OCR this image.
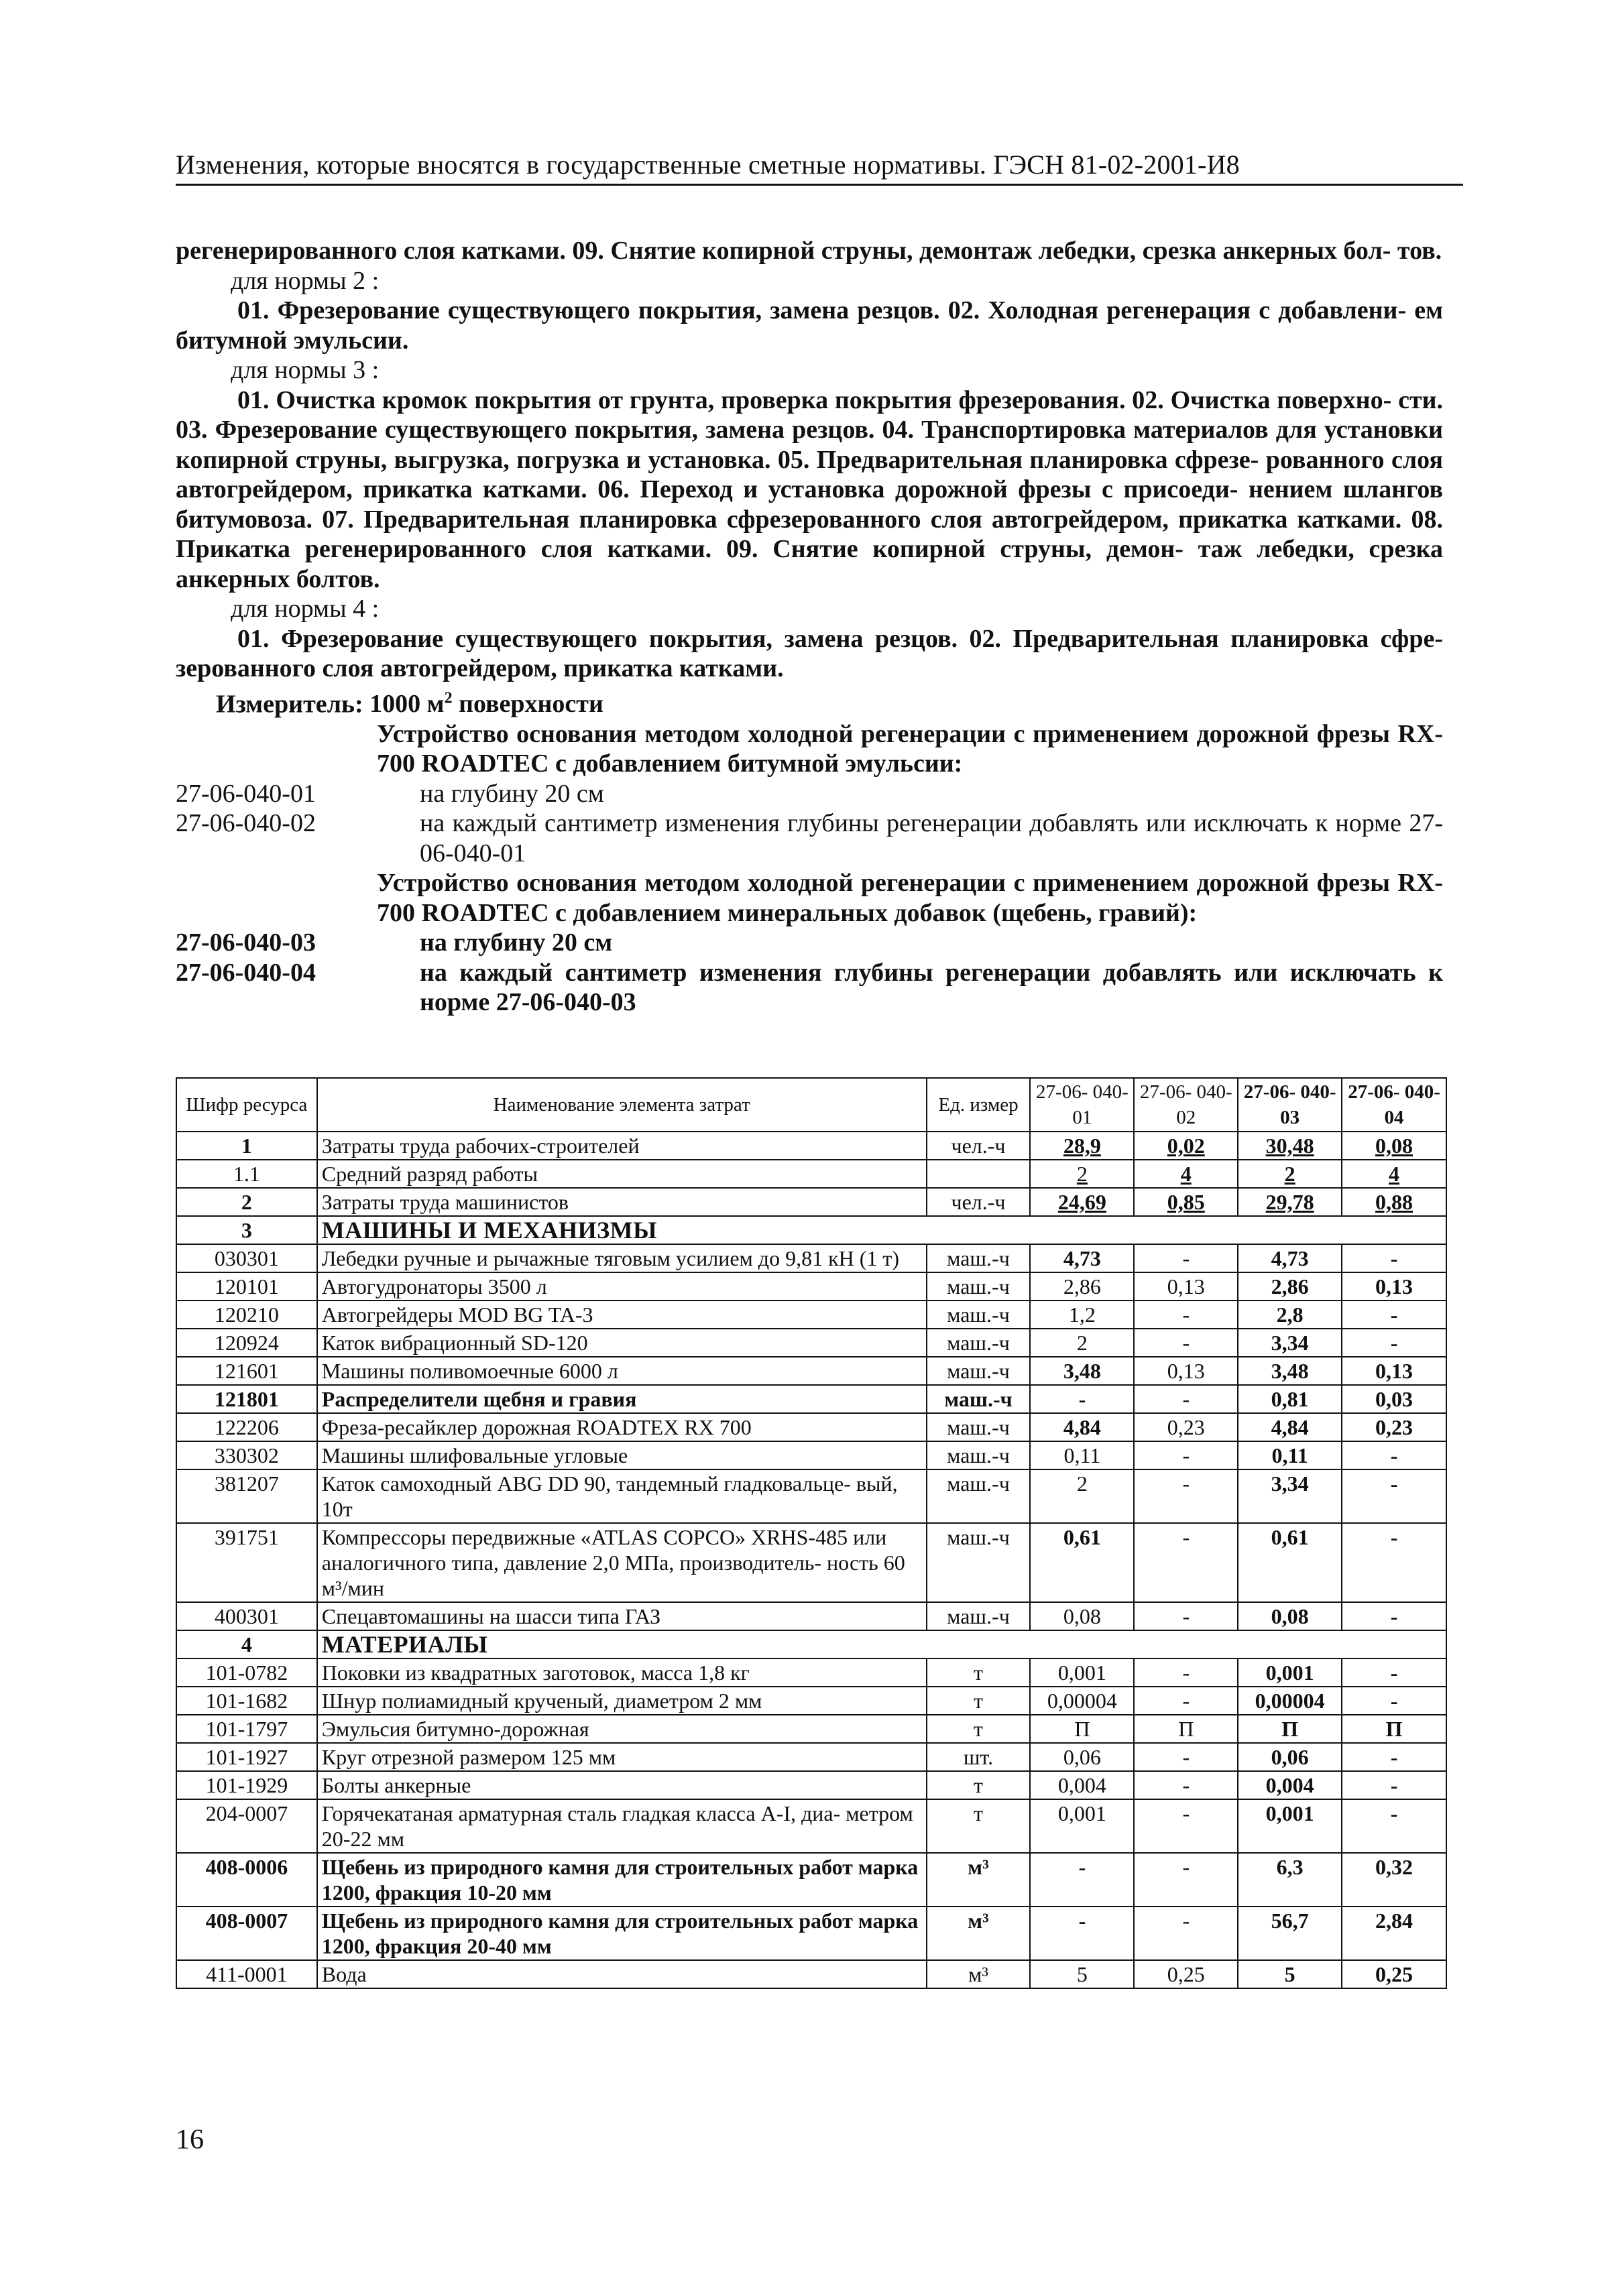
Изменения, которые вносятся в государственные сметные нормативы. ГЭСН 81-02-2001-И8

регенерированного слоя катками. 09. Снятие копирной струны, демонтаж лебедки, срезка анкерных бол- тов.

для нормы 2 :

01. Фрезерование существующего покрытия, замена резцов. 02. Холодная регенерация с добавлени- ем битумной эмульсии.

для нормы 3 :

01. Очистка кромок покрытия от грунта, проверка покрытия фрезерования. 02. Очистка поверхно- сти. 03. Фрезерование существующего покрытия, замена резцов. 04. Транспортировка материалов для установки копирной струны, выгрузка, погрузка и установка. 05. Предварительная планировка сфрезе- рованного слоя автогрейдером, прикатка катками. 06. Переход и установка дорожной фрезы с присоеди- нением шлангов битумовоза. 07. Предварительная планировка сфрезерованного слоя автогрейдером, прикатка катками. 08. Прикатка регенерированного слоя катками. 09. Снятие копирной струны, демон- таж лебедки, срезка анкерных болтов.

для нормы 4 :

01. Фрезерование существующего покрытия, замена резцов. 02. Предварительная планировка сфре- зерованного слоя автогрейдером, прикатка катками.

Измеритель: 1000 $м^2$ поверхности

Устройство основания методом холодной регенерации с применением дорожной фрезы RX-700 ROADTEC с добавлением битумной эмульсии:

27-06-040-01	на глубину 20 см
27-06-040-02	на каждый сантиметр изменения глубины регенерации добавлять или исключать к норме 27-06-040-01

Устройство основания методом холодной регенерации с применением дорожной фрезы RX-700 ROADTEC с добавлением минеральных добавок (щебень, гравий):

27-06-040-03	на глубину 20 см
27-06-040-04	на каждый сантиметр изменения глубины регенерации добавлять или исключать к норме 27-06-040-03
Шифр ресурса	Наименование элемента затрат	Ед. измер	27-06- 040-01	27-06- 040-02	27-06- 040-03	27-06- 040-04
1	Затраты труда рабочих-строителей	чел.-ч	28,9	0,02	30,48	0,08
1.1	Средний разряд работы		2	4	2	4
2	Затраты труда машинистов	чел.-ч	24,69	0,85	29,78	0,88
3	МАШИНЫ И МЕХАНИЗМЫ					
030301	Лебедки ручные и рычажные тяговым усилием до 9,81 кН (1 т)	маш.-ч	4,73	-	4,73	-
120101	Автогудронаторы 3500 л	маш.-ч	2,86	0,13	2,86	0,13
120210	Автогрейдеры MOD BG TA-3	маш.-ч	1,2	-	2,8	-
120924	Каток вибрационный SD-120	маш.-ч	2	-	3,34	-
121601	Машины поливомоечные 6000 л	маш.-ч	3,48	0,13	3,48	0,13
121801	Распределители щебня и гравия	маш.-ч	-	-	0,81	0,03
122206	Фреза-ресайклер дорожная ROADTEX RX 700	маш.-ч	4,84	0,23	4,84	0,23
330302	Машины шлифовальные угловые	маш.-ч	0,11	-	0,11	-
381207	Каток самоходный ABG DD 90, тандемный гладковальце- вый, 10т	маш.-ч	2	-	3,34	-
391751	Компрессоры передвижные «ATLAS COPCO» XRHS-485 или аналогичного типа, давление 2,0 МПа, производитель- ность 60 м³/мин	маш.-ч	0,61	-	0,61	-
400301	Спецавтомашины на шасси типа ГАЗ	маш.-ч	0,08	-	0,08	-
4	МАТЕРИАЛЫ					
101-0782	Поковки из квадратных заготовок, масса 1,8 кг	т	0,001	-	0,001	-
101-1682	Шнур полиамидный крученый, диаметром 2 мм	т	0,00004	-	0,00004	-
101-1797	Эмульсия битумно-дорожная	т	П	П	П	П
101-1927	Круг отрезной размером 125 мм	шт.	0,06	-	0,06	-
101-1929	Болты анкерные	т	0,004	-	0,004	-
204-0007	Горячекатаная арматурная сталь гладкая класса А-I, диа- метром 20-22 мм	т	0,001	-	0,001	-
408-0006	Щебень из природного камня для строительных работ марка 1200, фракция 10-20 мм	м³	-	-	6,3	0,32
408-0007	Щебень из природного камня для строительных работ марка 1200, фракция 20-40 мм	м³	-	-	56,7	2,84
411-0001	Вода	м³	5	0,25	5	0,25
16
